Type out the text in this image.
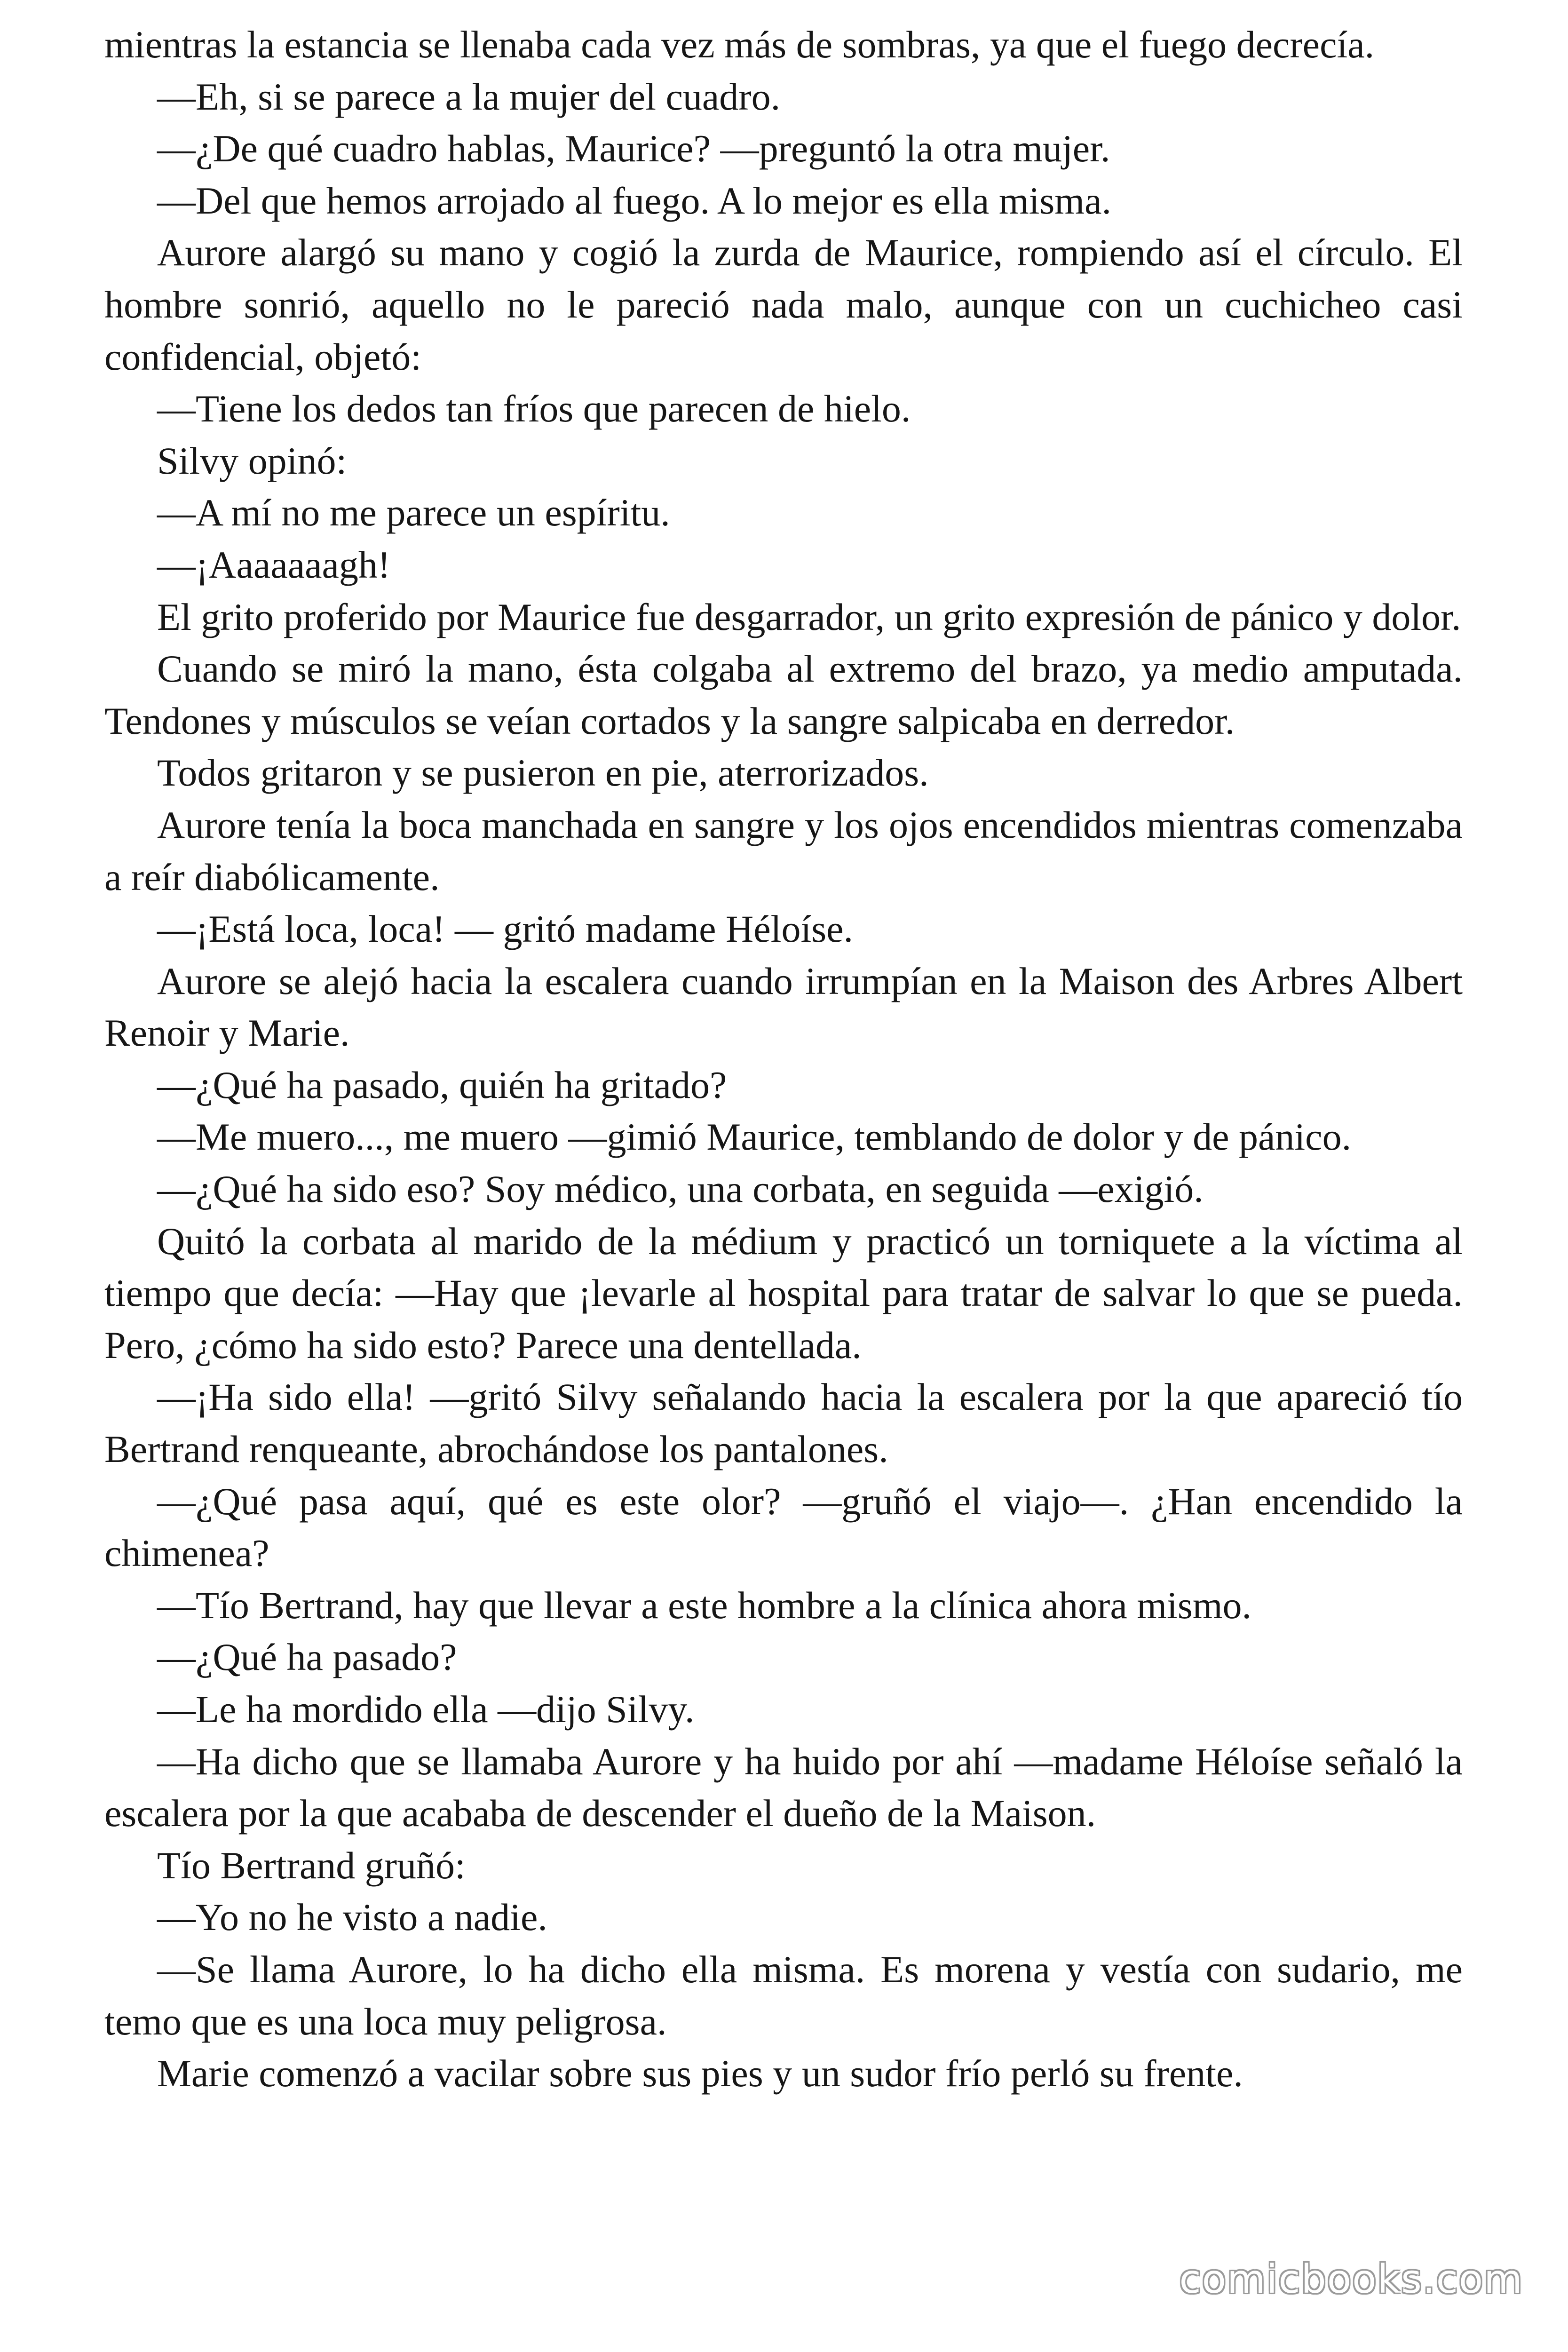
mientras la estancia se llenaba cada vez más de sombras, ya que el fuego decrecía.

—Eh, si se parece a la mujer del cuadro.

—¿De qué cuadro hablas, Maurice? —preguntó la otra mujer.

—Del que hemos arrojado al fuego. A lo mejor es ella misma.

Aurore alargó su mano y cogió la zurda de Maurice, rompiendo así el círculo. El hombre sonrió, aquello no le pareció nada malo, aunque con un cuchicheo casi confidencial, objetó:

—Tiene los dedos tan fríos que parecen de hielo.

Silvy opinó:

—A mí no me parece un espíritu.

—¡Aaaaaaagh!

El grito proferido por Maurice fue desgarrador, un grito expresión de pánico y dolor.

Cuando se miró la mano, ésta colgaba al extremo del brazo, ya medio amputada. Tendones y músculos se veían cortados y la sangre salpicaba en derredor.

Todos gritaron y se pusieron en pie, aterrorizados.

Aurore tenía la boca manchada en sangre y los ojos encendidos mientras comenzaba a reír diabólicamente.

—¡Está loca, loca! — gritó madame Héloíse.

Aurore se alejó hacia la escalera cuando irrumpían en la Maison des Arbres Albert Renoir y Marie.

—¿Qué ha pasado, quién ha gritado?

—Me muero..., me muero —gimió Maurice, temblando de dolor y de pánico.

—¿Qué ha sido eso? Soy médico, una corbata, en seguida —exigió.

Quitó la corbata al marido de la médium y practicó un torniquete a la víctima al tiempo que decía: —Hay que ¡levarle al hospital para tratar de salvar lo que se pueda. Pero, ¿cómo ha sido esto? Parece una dentellada.

—¡Ha sido ella! —gritó Silvy señalando hacia la escalera por la que apareció tío Bertrand renqueante, abrochándose los pantalones.

—¿Qué pasa aquí, qué es este olor? —gruñó el viajo—. ¿Han encendido la chimenea?

—Tío Bertrand, hay que llevar a este hombre a la clínica ahora mismo.

—¿Qué ha pasado?

—Le ha mordido ella —dijo Silvy.

—Ha dicho que se llamaba Aurore y ha huido por ahí —madame Héloíse señaló la escalera por la que acababa de descender el dueño de la Maison.

Tío Bertrand gruñó:

—Yo no he visto a nadie.

—Se llama Aurore, lo ha dicho ella misma. Es morena y vestía con sudario, me temo que es una loca muy peligrosa.

Marie comenzó a vacilar sobre sus pies y un sudor frío perló su frente.

comicbooks.com
